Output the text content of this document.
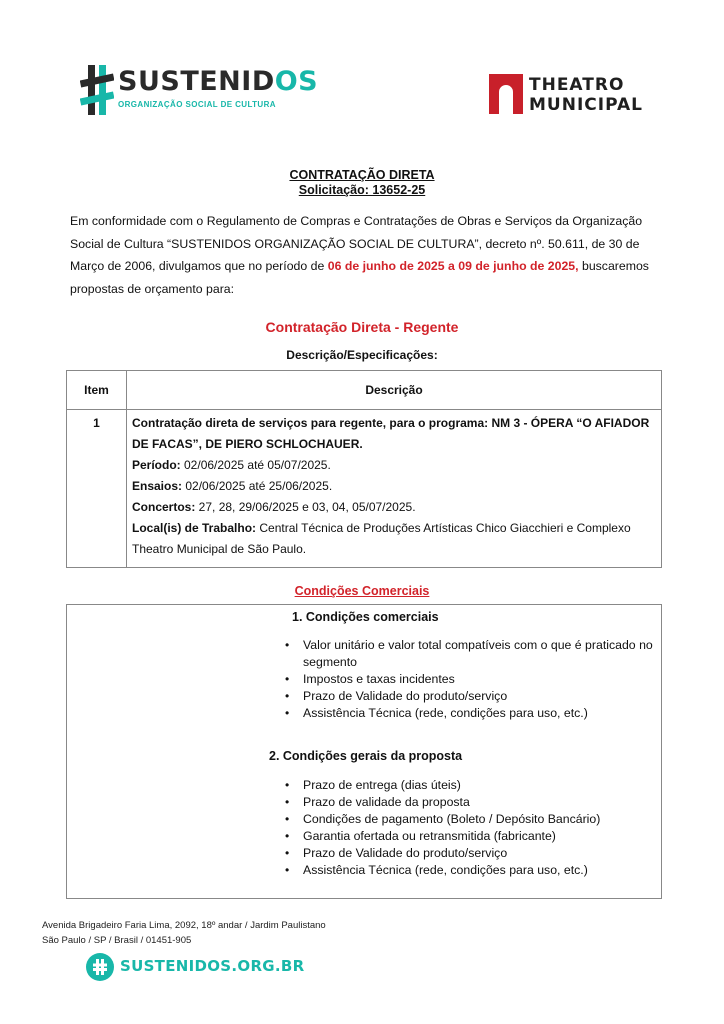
SUSTENIDOS
ORGANIZAÇÃO SOCIAL DE CULTURA
THEATRO
MUNICIPAL
CONTRATAÇÃO DIRETA
Solicitação: 13652-25
Em conformidade com o Regulamento de Compras e Contratações de Obras e Serviços da Organização Social de Cultura “SUSTENIDOS ORGANIZAÇÃO SOCIAL DE CULTURA”, decreto nº. 50.611, de 30 de Março de 2006, divulgamos que no período de 06 de junho de 2025 a 09 de junho de 2025, buscaremos propostas de orçamento para:
Contratação Direta - Regente
Descrição/Especificações:
Item	Descrição
1	Contratação direta de serviços para regente, para o programa: NM 3 - ÓPERA “O AFIADOR DE FACAS”, DE PIERO SCHLOCHAUER.
Período: 02/06/2025 até 05/07/2025.
Ensaios: 02/06/2025 até 25/06/2025.
Concertos: 27, 28, 29/06/2025 e 03, 04, 05/07/2025.
Local(is) de Trabalho: Central Técnica de Produções Artísticas Chico Giacchieri e Complexo Theatro Municipal de São Paulo.
Condições Comerciais
1. Condições comerciais
• Valor unitário e valor total compatíveis com o que é praticado no segmento
• Impostos e taxas incidentes
• Prazo de Validade do produto/serviço
• Assistência Técnica (rede, condições para uso, etc.)
2. Condições gerais da proposta
• Prazo de entrega (dias úteis)
• Prazo de validade da proposta
• Condições de pagamento (Boleto / Depósito Bancário)
• Garantia ofertada ou retransmitida (fabricante)
• Prazo de Validade do produto/serviço
• Assistência Técnica (rede, condições para uso, etc.)
Avenida Brigadeiro Faria Lima, 2092, 18º andar / Jardim Paulistano
São Paulo / SP / Brasil / 01451-905
SUSTENIDOS.ORG.BR
